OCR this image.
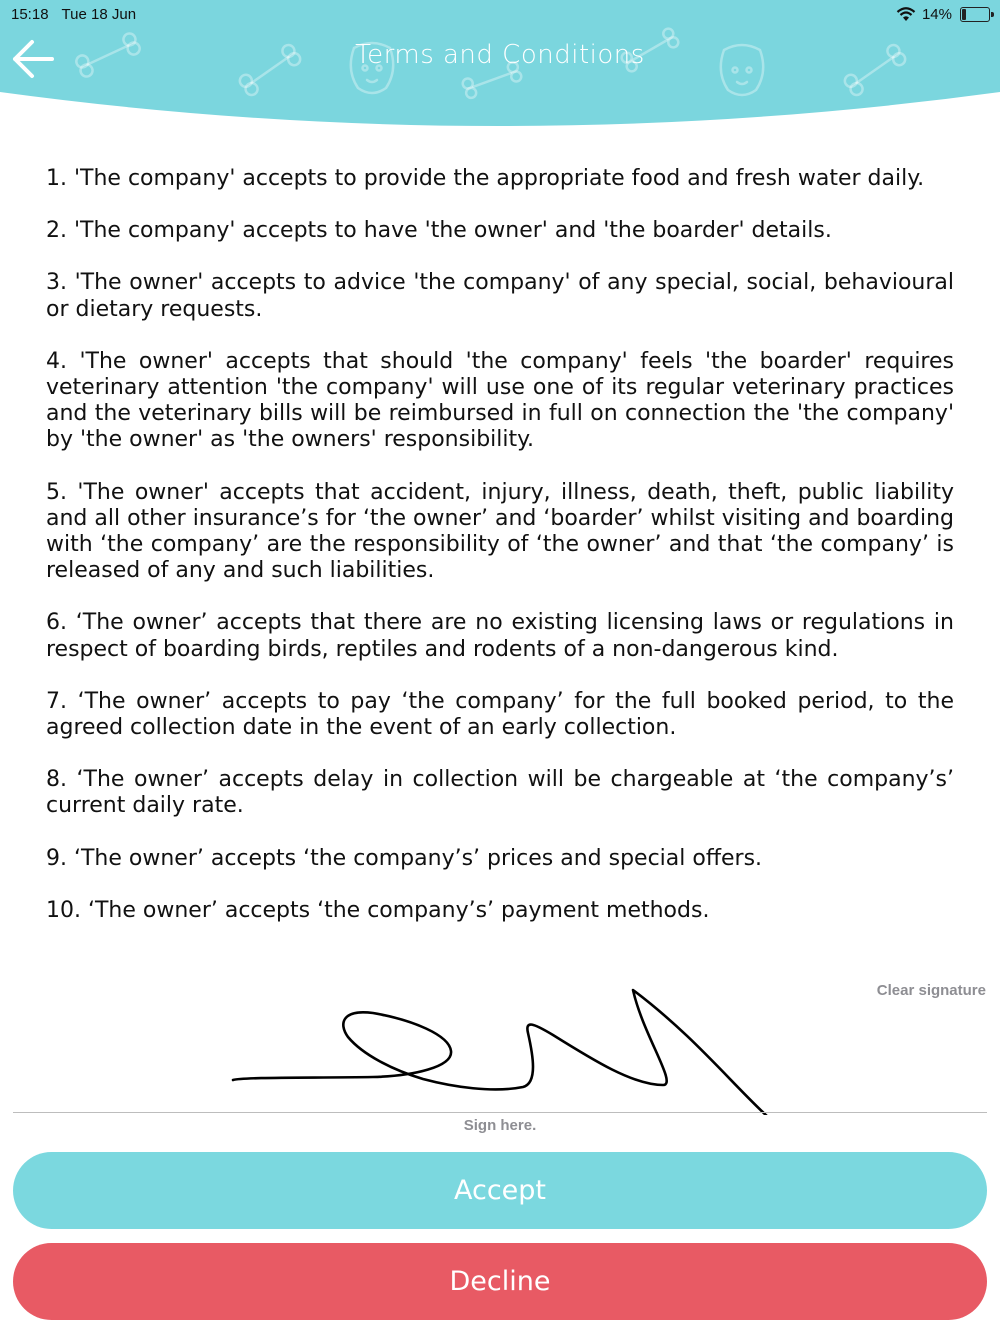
15:18 Tue 18 Jun	14%
Terms and Conditions

1. 'The company' accepts to provide the appropriate food and fresh water daily.

2. 'The company' accepts to have 'the owner' and 'the boarder' details.

3. 'The owner' accepts to advice 'the company' of any special, social, behavioural or dietary requests.

4. 'The owner' accepts that should 'the company' feels 'the boarder' requires veterinary attention 'the company' will use one of its regular veterinary practices and the veterinary bills will be reimbursed in full on connection the 'the company' by 'the owner' as 'the owners' responsibility.

5. 'The owner' accepts that accident, injury, illness, death, theft, public liability and all other insurance’s for ‘the owner’ and ‘boarder’ whilst visiting and boarding with ‘the company’ are the responsibility of ‘the owner’ and that ‘the company’ is released of any and such liabilities.

6. ‘The owner’ accepts that there are no existing licensing laws or regulations in respect of boarding birds, reptiles and rodents of a non-dangerous kind.

7. ‘The owner’ accepts to pay ‘the company’ for the full booked period, to the agreed collection date in the event of an early collection.

8. ‘The owner’ accepts delay in collection will be chargeable at ‘the company’s’ current daily rate.

9. ‘The owner’ accepts ‘the company’s’ prices and special offers.

10. ‘The owner’ accepts ‘the company’s’ payment methods.

Clear signature
Sign here.
Accept
Decline
